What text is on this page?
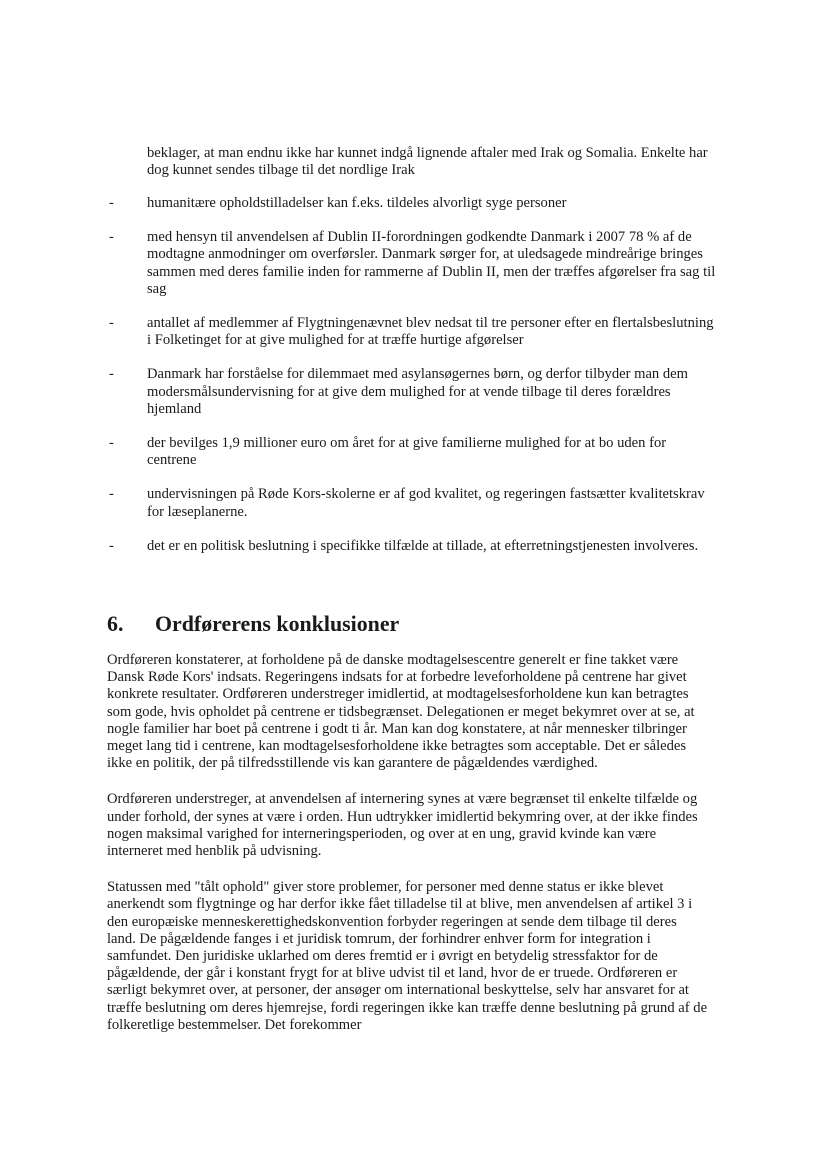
beklager, at man endnu ikke har kunnet indgå lignende aftaler med Irak og Somalia. Enkelte har dog kunnet sendes tilbage til det nordlige Irak

- humanitære opholdstilladelser kan f.eks. tildeles alvorligt syge personer
- med hensyn til anvendelsen af Dublin II-forordningen godkendte Danmark i 2007 78 % af de modtagne anmodninger om overførsler. Danmark sørger for, at uledsagede mindreårige bringes sammen med deres familie inden for rammerne af Dublin II, men der træffes afgørelser fra sag til sag
- antallet af medlemmer af Flygtningenævnet blev nedsat til tre personer efter en flertalsbeslutning i Folketinget for at give mulighed for at træffe hurtige afgørelser
- Danmark har forståelse for dilemmaet med asylansøgernes børn, og derfor tilbyder man dem modersmålsundervisning for at give dem mulighed for at vende tilbage til deres forældres hjemland
- der bevilges 1,9 millioner euro om året for at give familierne mulighed for at bo uden for centrene
- undervisningen på Røde Kors-skolerne er af god kvalitet, og regeringen fastsætter kvalitetskrav for læseplanerne.
- det er en politisk beslutning i specifikke tilfælde at tillade, at efterretningstjenesten involveres.
6. Ordførerens konklusioner

Ordføreren konstaterer, at forholdene på de danske modtagelsescentre generelt er fine takket være Dansk Røde Kors' indsats. Regeringens indsats for at forbedre leveforholdene på centrene har givet konkrete resultater. Ordføreren understreger imidlertid, at modtagelsesforholdene kun kan betragtes som gode, hvis opholdet på centrene er tidsbegrænset. Delegationen er meget bekymret over at se, at nogle familier har boet på centrene i godt ti år. Man kan dog konstatere, at når mennesker tilbringer meget lang tid i centrene, kan modtagelsesforholdene ikke betragtes som acceptable. Det er således ikke en politik, der på tilfredsstillende vis kan garantere de pågældendes værdighed.

Ordføreren understreger, at anvendelsen af internering synes at være begrænset til enkelte tilfælde og under forhold, der synes at være i orden. Hun udtrykker imidlertid bekymring over, at der ikke findes nogen maksimal varighed for interneringsperioden, og over at en ung, gravid kvinde kan være interneret med henblik på udvisning.

Statussen med "tålt ophold" giver store problemer, for personer med denne status er ikke blevet anerkendt som flygtninge og har derfor ikke fået tilladelse til at blive, men anvendelsen af artikel 3 i den europæiske menneskerettighedskonvention forbyder regeringen at sende dem tilbage til deres land. De pågældende fanges i et juridisk tomrum, der forhindrer enhver form for integration i samfundet. Den juridiske uklarhed om deres fremtid er i øvrigt en betydelig stressfaktor for de pågældende, der går i konstant frygt for at blive udvist til et land, hvor de er truede. Ordføreren er særligt bekymret over, at personer, der ansøger om international beskyttelse, selv har ansvaret for at træffe beslutning om deres hjemrejse, fordi regeringen ikke kan træffe denne beslutning på grund af de folkeretlige bestemmelser. Det forekommer
